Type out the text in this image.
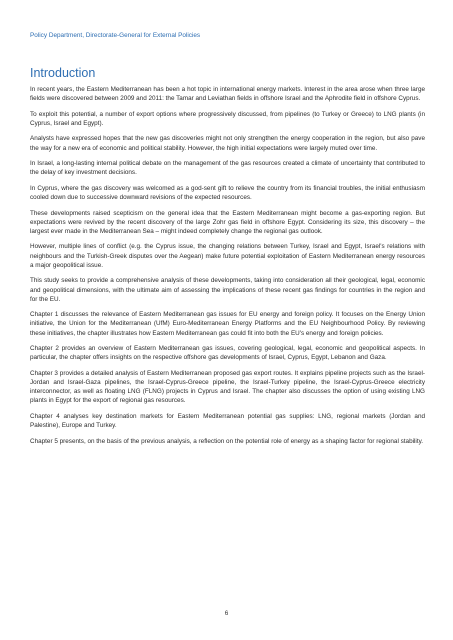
Policy Department, Directorate-General for External Policies
Introduction

In recent years, the Eastern Mediterranean has been a hot topic in international energy markets. Interest in the area arose when three large fields were discovered between 2009 and 2011: the Tamar and Leviathan fields in offshore Israel and the Aphrodite field in offshore Cyprus.

To exploit this potential, a number of export options where progressively discussed, from pipelines (to Turkey or Greece) to LNG plants (in Cyprus, Israel and Egypt).

Analysts have expressed hopes that the new gas discoveries might not only strengthen the energy cooperation in the region, but also pave the way for a new era of economic and political stability. However, the high initial expectations were largely muted over time.

In Israel, a long-lasting internal political debate on the management of the gas resources created a climate of uncertainty that contributed to the delay of key investment decisions.

In Cyprus, where the gas discovery was welcomed as a god-sent gift to relieve the country from its financial troubles, the initial enthusiasm cooled down due to successive downward revisions of the expected resources.

These developments raised scepticism on the general idea that the Eastern Mediterranean might become a gas-exporting region. But expectations were revived by the recent discovery of the large Zohr gas field in offshore Egypt. Considering its size, this discovery – the largest ever made in the Mediterranean Sea – might indeed completely change the regional gas outlook.

However, multiple lines of conflict (e.g. the Cyprus issue, the changing relations between Turkey, Israel and Egypt, Israel's relations with neighbours and the Turkish-Greek disputes over the Aegean) make future potential exploitation of Eastern Mediterranean energy resources a major geopolitical issue.

This study seeks to provide a comprehensive analysis of these developments, taking into consideration all their geological, legal, economic and geopolitical dimensions, with the ultimate aim of assessing the implications of these recent gas findings for countries in the region and for the EU.

Chapter 1 discusses the relevance of Eastern Mediterranean gas issues for EU energy and foreign policy. It focuses on the Energy Union initiative, the Union for the Mediterranean (UfM) Euro-Mediterranean Energy Platforms and the EU Neighbourhood Policy. By reviewing these initiatives, the chapter illustrates how Eastern Mediterranean gas could fit into both the EU's energy and foreign policies.

Chapter 2 provides an overview of Eastern Mediterranean gas issues, covering geological, legal, economic and geopolitical aspects. In particular, the chapter offers insights on the respective offshore gas developments of Israel, Cyprus, Egypt, Lebanon and Gaza.

Chapter 3 provides a detailed analysis of Eastern Mediterranean proposed gas export routes. It explains pipeline projects such as the Israel-Jordan and Israel-Gaza pipelines, the Israel-Cyprus-Greece pipeline, the Israel-Turkey pipeline, the Israel-Cyprus-Greece electricity interconnector, as well as floating LNG (FLNG) projects in Cyprus and Israel. The chapter also discusses the option of using existing LNG plants in Egypt for the export of regional gas resources.

Chapter 4 analyses key destination markets for Eastern Mediterranean potential gas supplies: LNG, regional markets (Jordan and Palestine), Europe and Turkey.

Chapter 5 presents, on the basis of the previous analysis, a reflection on the potential role of energy as a shaping factor for regional stability.

6
